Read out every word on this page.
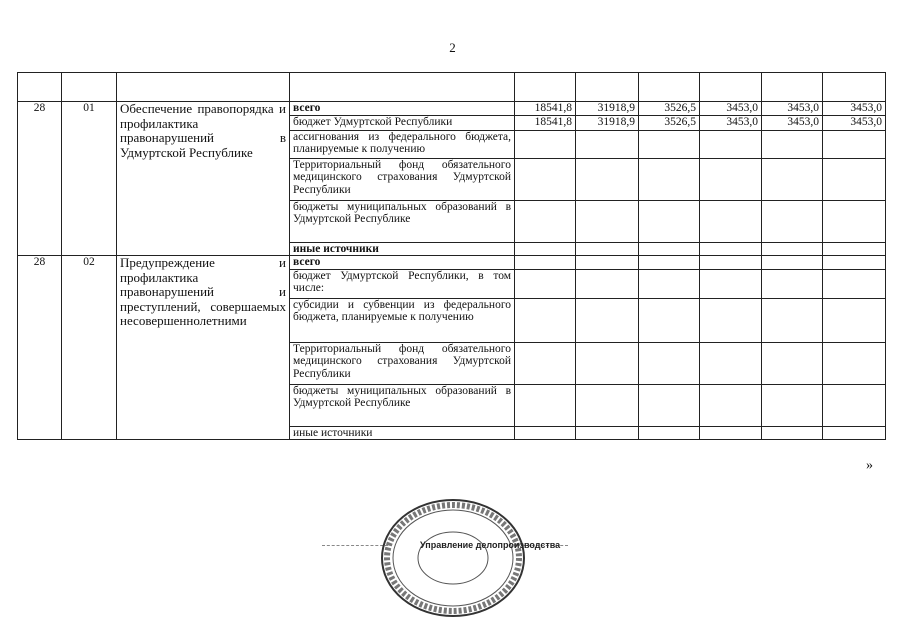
2

28	01	Обеспечение правопорядка и профилактика правонарушений в Удмуртской Республике	всего	18541,8	31918,9	3526,5	3453,0	3453,0	3453,0
			бюджет Удмуртской Республики	18541,8	31918,9	3526,5	3453,0	3453,0	3453,0
			ассигнования из федерального бюджета, планируемые к получению						
			Территориальный фонд обязательного медицинского страхования Удмуртской Республики						
			бюджеты муниципальных образований в Удмуртской Республике						
			иные источники						
28	02	Предупреждение и профилактика правонарушений и преступлений, совершаемых несовершеннолетними	всего						
			бюджет Удмуртской Республики, в том числе:						
			субсидии и субвенции из федерального бюджета, планируемые к получению						
			Территориальный фонд обязательного медицинского страхования Удмуртской Республики						
			бюджеты муниципальных образований в Удмуртской Республике						
			иные источники						
»
Управление делопроизводства
